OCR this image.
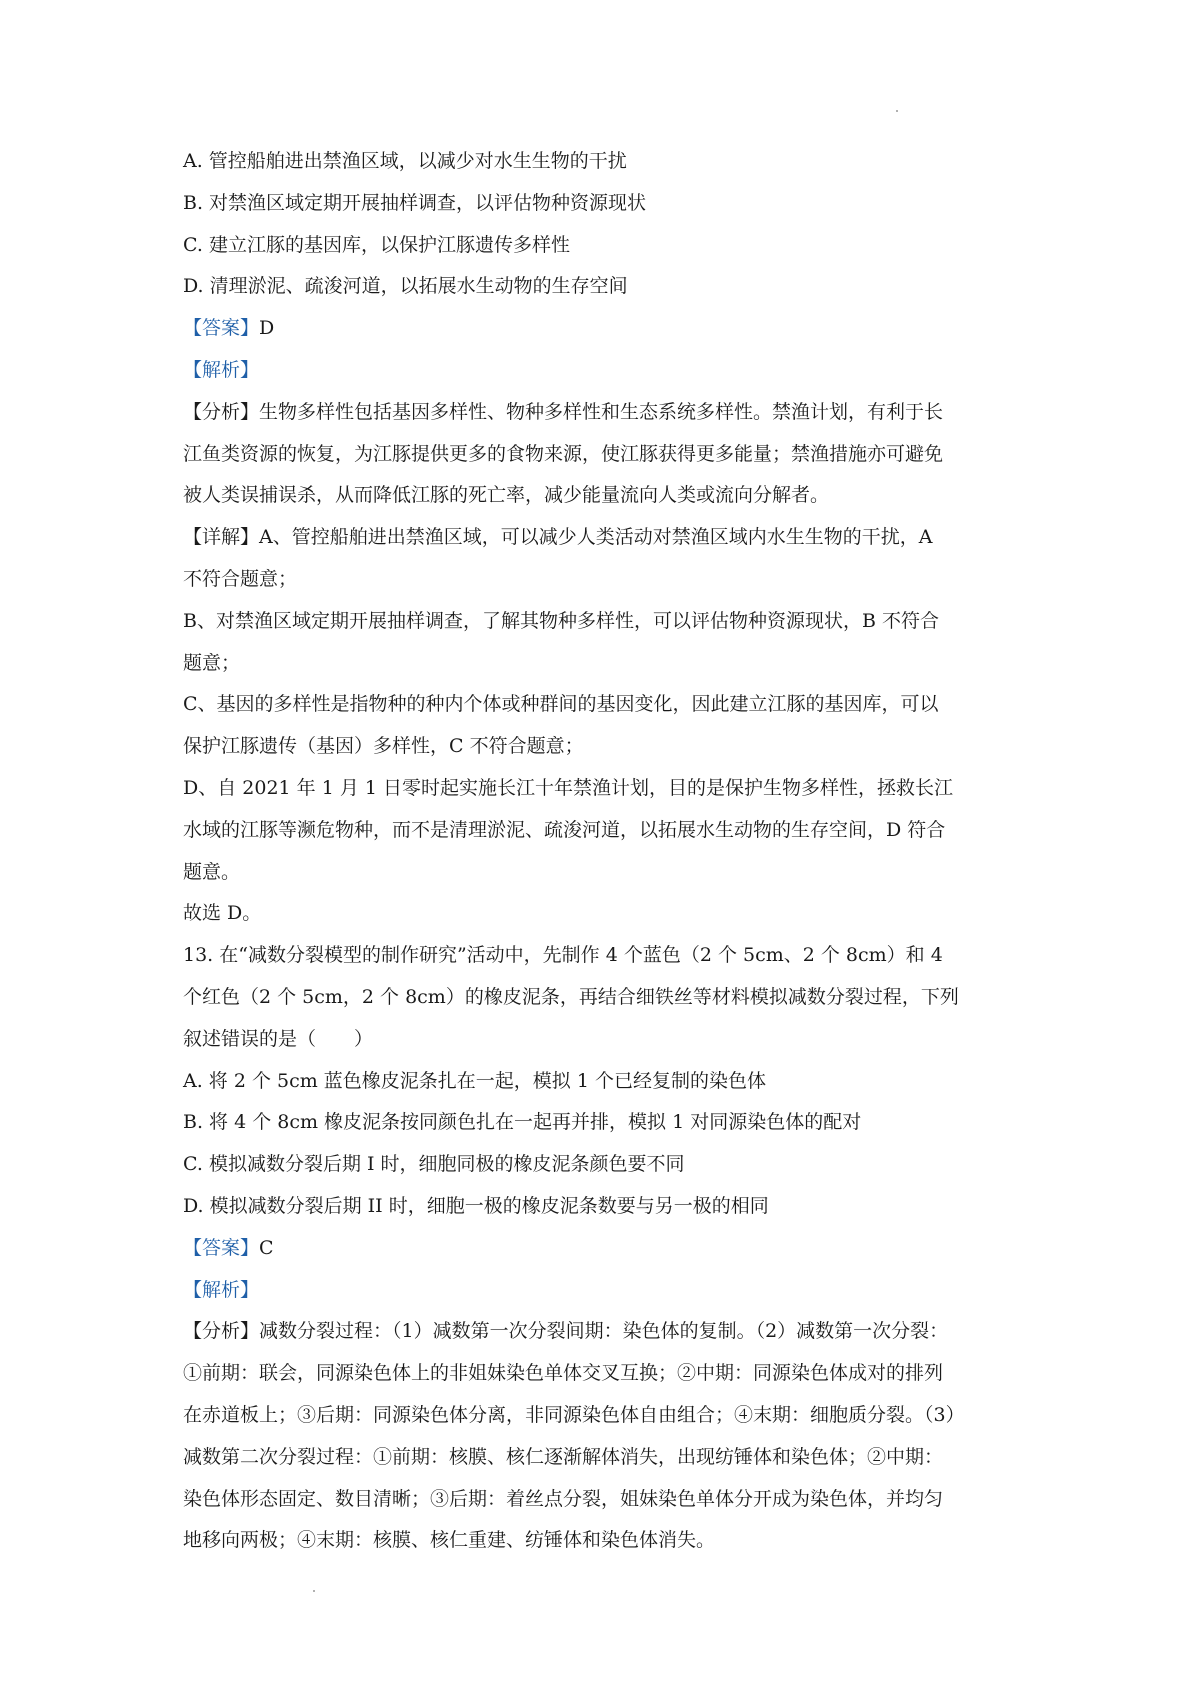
A. 管控船舶进出禁渔区域，以减少对水生生物的干扰
B. 对禁渔区域定期开展抽样调查，以评估物种资源现状
C. 建立江豚的基因库，以保护江豚遗传多样性
D. 清理淤泥、疏浚河道，以拓展水生动物的生存空间
【答案】D
【解析】
【分析】生物多样性包括基因多样性、物种多样性和生态系统多样性。禁渔计划，有利于长
江鱼类资源的恢复，为江豚提供更多的食物来源，使江豚获得更多能量；禁渔措施亦可避免
被人类误捕误杀，从而降低江豚的死亡率，减少能量流向人类或流向分解者。
【详解】A、管控船舶进出禁渔区域，可以减少人类活动对禁渔区域内水生生物的干扰，A
不符合题意；
B、对禁渔区域定期开展抽样调查，了解其物种多样性，可以评估物种资源现状，B 不符合
题意；
C、基因的多样性是指物种的种内个体或种群间的基因变化，因此建立江豚的基因库，可以
保护江豚遗传（基因）多样性，C 不符合题意；
D、自 2021 年 1 月 1 日零时起实施长江十年禁渔计划，目的是保护生物多样性，拯救长江
水域的江豚等濒危物种，而不是清理淤泥、疏浚河道，以拓展水生动物的生存空间，D 符合
题意。
故选 D。
13. 在“减数分裂模型的制作研究”活动中，先制作 4 个蓝色（2 个 5cm、2 个 8cm）和 4
个红色（2 个 5cm，2 个 8cm）的橡皮泥条，再结合细铁丝等材料模拟减数分裂过程，下列
叙述错误的是（　　）
A. 将 2 个 5cm 蓝色橡皮泥条扎在一起，模拟 1 个已经复制的染色体
B. 将 4 个 8cm 橡皮泥条按同颜色扎在一起再并排，模拟 1 对同源染色体的配对
C. 模拟减数分裂后期 I 时，细胞同极的橡皮泥条颜色要不同
D. 模拟减数分裂后期 II 时，细胞一极的橡皮泥条数要与另一极的相同
【答案】C
【解析】
【分析】减数分裂过程：（1）减数第一次分裂间期：染色体的复制。（2）减数第一次分裂：
①前期：联会，同源染色体上的非姐妹染色单体交叉互换；②中期：同源染色体成对的排列
在赤道板上；③后期：同源染色体分离，非同源染色体自由组合；④末期：细胞质分裂。（3）
减数第二次分裂过程：①前期：核膜、核仁逐渐解体消失，出现纺锤体和染色体；②中期：
染色体形态固定、数目清晰；③后期：着丝点分裂，姐妹染色单体分开成为染色体，并均匀
地移向两极；④末期：核膜、核仁重建、纺锤体和染色体消失。
